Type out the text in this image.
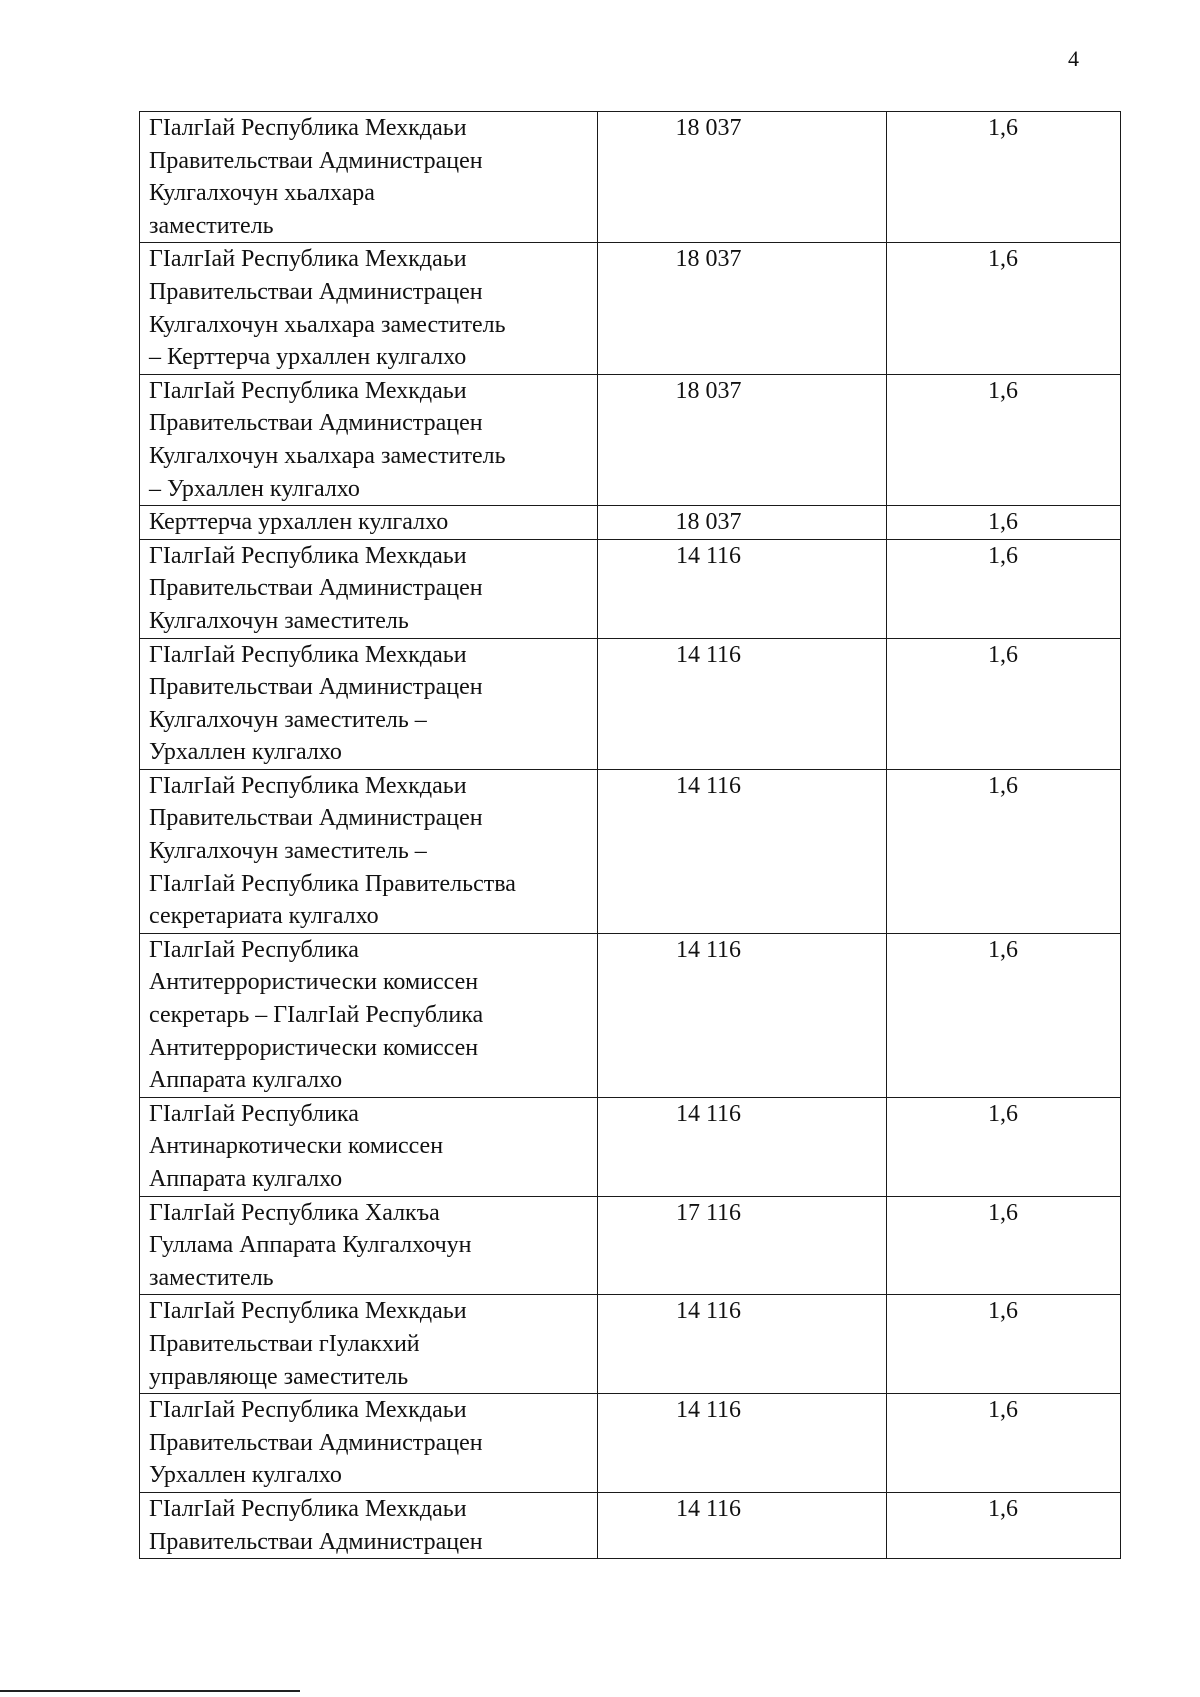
4
ГӀалгӀай Республика Мехкдаьи
Правительстваи Администрацен
Кулгалхочун хьалхара
заместитель	18 037	1,6
ГӀалгӀай Республика Мехкдаьи
Правительстваи Администрацен
Кулгалхочун хьалхара заместитель
– Керттерча урхаллен кулгалхо	18 037	1,6
ГӀалгӀай Республика Мехкдаьи
Правительстваи Администрацен
Кулгалхочун хьалхара заместитель
– Урхаллен кулгалхо	18 037	1,6
Керттерча урхаллен кулгалхо	18 037	1,6
ГӀалгӀай Республика Мехкдаьи
Правительстваи Администрацен
Кулгалхочун заместитель	14 116	1,6
ГӀалгӀай Республика Мехкдаьи
Правительстваи Администрацен
Кулгалхочун заместитель –
Урхаллен кулгалхо	14 116	1,6
ГӀалгӀай Республика Мехкдаьи
Правительстваи Администрацен
Кулгалхочун заместитель –
ГӀалгӀай Республика Правительства
секретариата кулгалхо	14 116	1,6
ГӀалгӀай Республика
Антитеррористически комиссен
секретарь – ГӀалгӀай Республика
Антитеррористически комиссен
Аппарата кулгалхо	14 116	1,6
ГӀалгӀай Республика
Антинаркотически комиссен
Аппарата кулгалхо	14 116	1,6
ГӀалгӀай Республика Халкъа
Гуллама Аппарата Кулгалхочун
заместитель	17 116	1,6
ГӀалгӀай Республика Мехкдаьи
Правительстваи гӀулакхий
управляюще заместитель	14 116	1,6
ГӀалгӀай Республика Мехкдаьи
Правительстваи Администрацен
Урхаллен кулгалхо	14 116	1,6
ГӀалгӀай Республика Мехкдаьи
Правительстваи Администрацен	14 116	1,6
